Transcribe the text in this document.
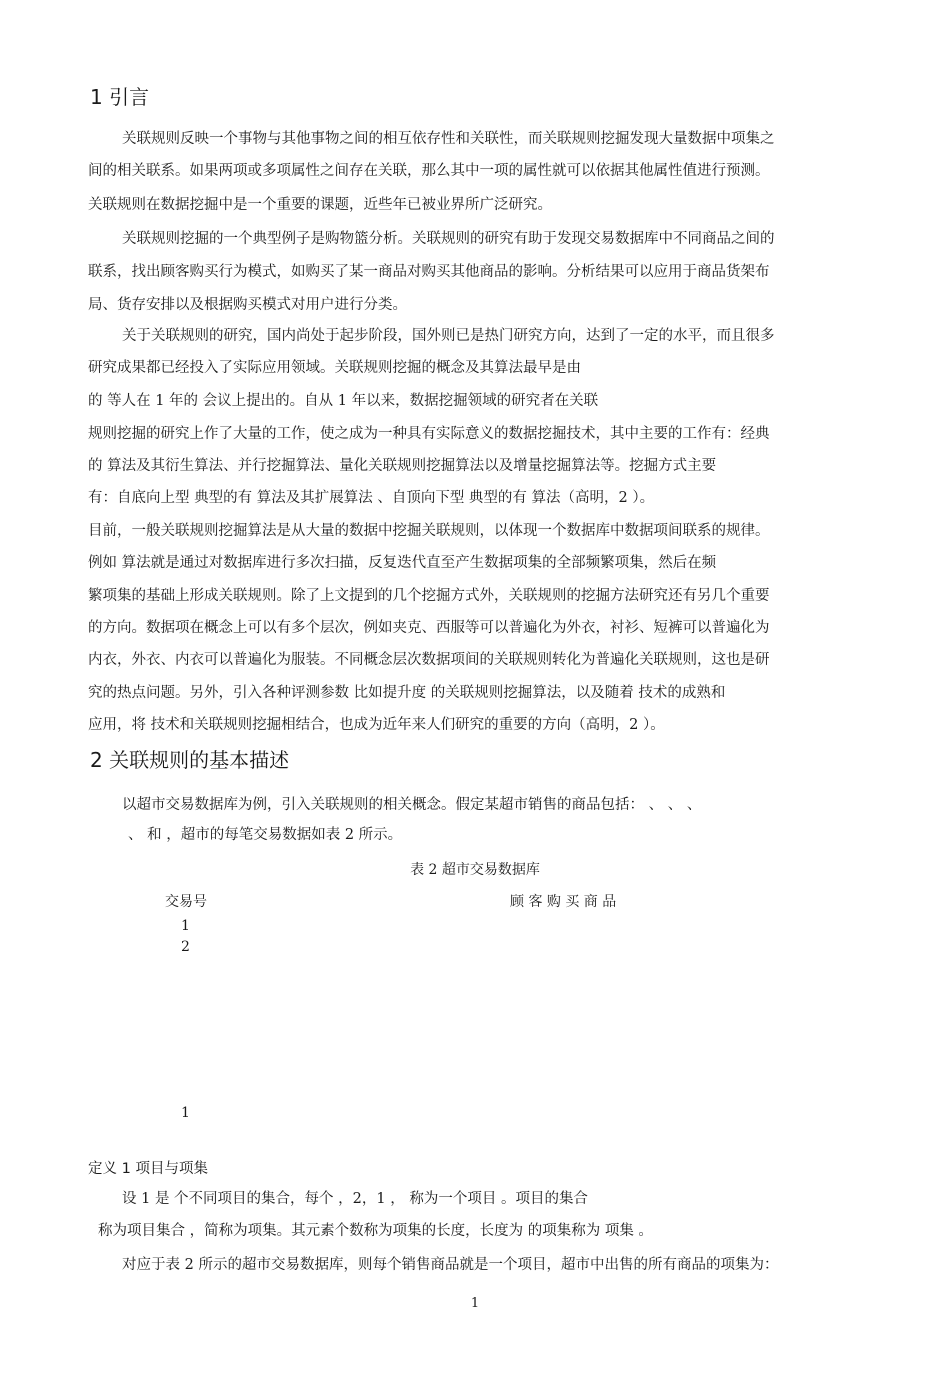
1 引言
关联规则反映一个事物与其他事物之间的相互依存性和关联性，而关联规则挖掘发现大量数据中项集之
间的相关联系。如果两项或多项属性之间存在关联，那么其中一项的属性就可以依据其他属性值进行预测。
关联规则在数据挖掘中是一个重要的课题，近些年已被业界所广泛研究。
关联规则挖掘的一个典型例子是购物篮分析。关联规则的研究有助于发现交易数据库中不同商品之间的
联系，找出顾客购买行为模式，如购买了某一商品对购买其他商品的影响。分析结果可以应用于商品货架布
局、货存安排以及根据购买模式对用户进行分类。
关于关联规则的研究，国内尚处于起步阶段，国外则已是热门研究方向，达到了一定的水平，而且很多
研究成果都已经投入了实际应用领域。关联规则挖掘的概念及其算法最早是由
的 等人在 1 年的 会议上提出的。自从 1 年以来，数据挖掘领域的研究者在关联
规则挖掘的研究上作了大量的工作，使之成为一种具有实际意义的数据挖掘技术，其中主要的工作有：经典
的 算法及其衍生算法、并行挖掘算法、量化关联规则挖掘算法以及增量挖掘算法等。挖掘方式主要
有：自底向上型 典型的有 算法及其扩展算法 、自顶向下型 典型的有 算法（高明，2 ）。
目前，一般关联规则挖掘算法是从大量的数据中挖掘关联规则，以体现一个数据库中数据项间联系的规律。
例如 算法就是通过对数据库进行多次扫描，反复迭代直至产生数据项集的全部频繁项集，然后在频
繁项集的基础上形成关联规则。除了上文提到的几个挖掘方式外，关联规则的挖掘方法研究还有另几个重要
的方向。数据项在概念上可以有多个层次，例如夹克、西服等可以普遍化为外衣，衬衫、短裤可以普遍化为
内衣，外衣、内衣可以普遍化为服装。不同概念层次数据项间的关联规则转化为普遍化关联规则，这也是研
究的热点问题。另外，引入各种评测参数 比如提升度 的关联规则挖掘算法，以及随着 技术的成熟和
应用，将 技术和关联规则挖掘相结合，也成为近年来人们研究的重要的方向（高明，2 ）。
2 关联规则的基本描述
以超市交易数据库为例，引入关联规则的相关概念。假定某超市销售的商品包括： 、 、 、
、 和 ，超市的每笔交易数据如表 2 所示。
表 2 超市交易数据库
交易号	顾 客 购 买 商 品
1
2
1
定义 1 项目与项集
设 1 是 个不同项目的集合，每个 ，2，1 ， 称为一个项目 。项目的集合
称为项目集合 ，简称为项集。其元素个数称为项集的长度，长度为 的项集称为 项集 。
对应于表 2 所示的超市交易数据库，则每个销售商品就是一个项目，超市中出售的所有商品的项集为：
1
